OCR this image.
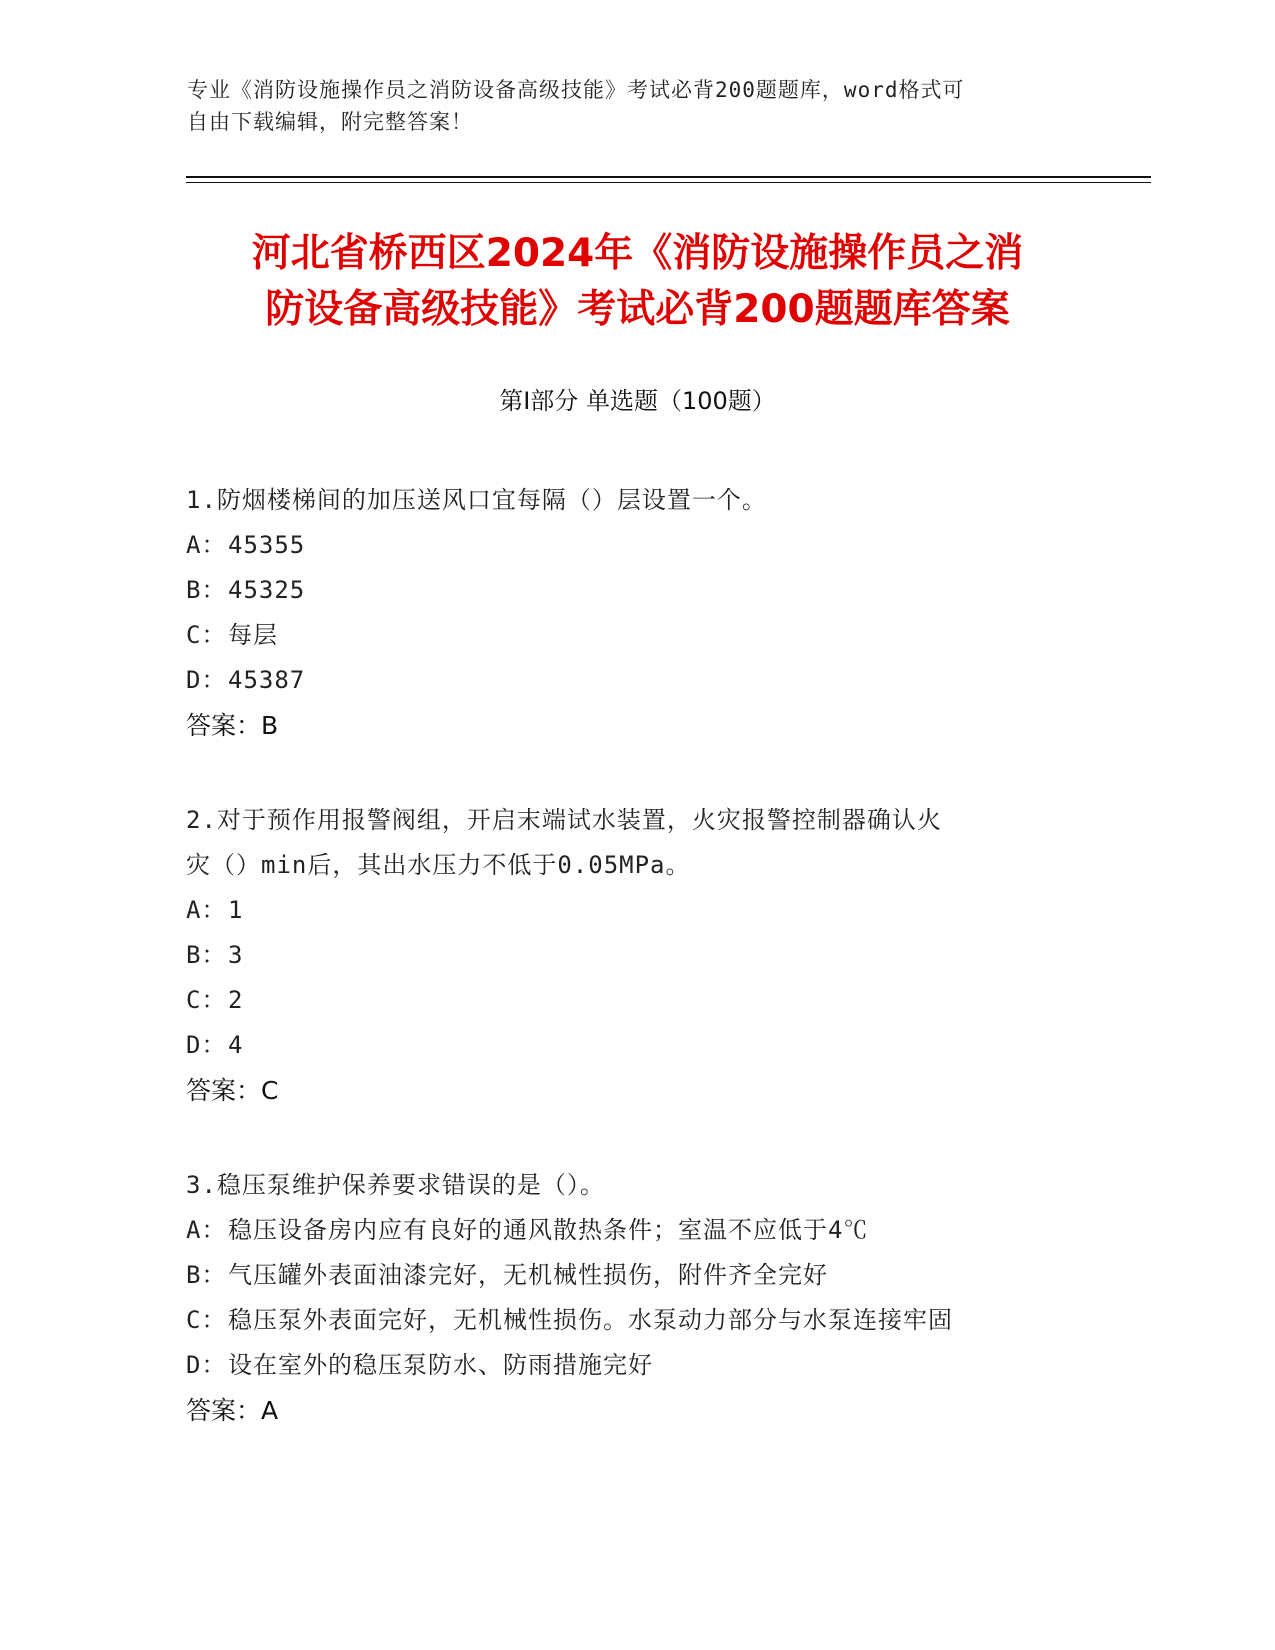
专业《消防设施操作员之消防设备高级技能》考试必背200题题库，word格式可
自由下载编辑，附完整答案！
河北省桥西区2024年《消防设施操作员之消
防设备高级技能》考试必背200题题库答案
第Ⅰ部分 单选题（100题）
1.防烟楼梯间的加压送风口宜每隔（）层设置一个。
A：45355
B：45325
C：每层
D：45387
答案：B
2.对于预作用报警阀组，开启末端试水装置，火灾报警控制器确认火
灾（）min后，其出水压力不低于0.05MPa。
A：1
B：3
C：2
D：4
答案：C
3.稳压泵维护保养要求错误的是（）。
A：稳压设备房内应有良好的通风散热条件；室温不应低于4℃
B：气压罐外表面油漆完好，无机械性损伤，附件齐全完好
C：稳压泵外表面完好，无机械性损伤。水泵动力部分与水泵连接牢固
D：设在室外的稳压泵防水、防雨措施完好
答案：A
